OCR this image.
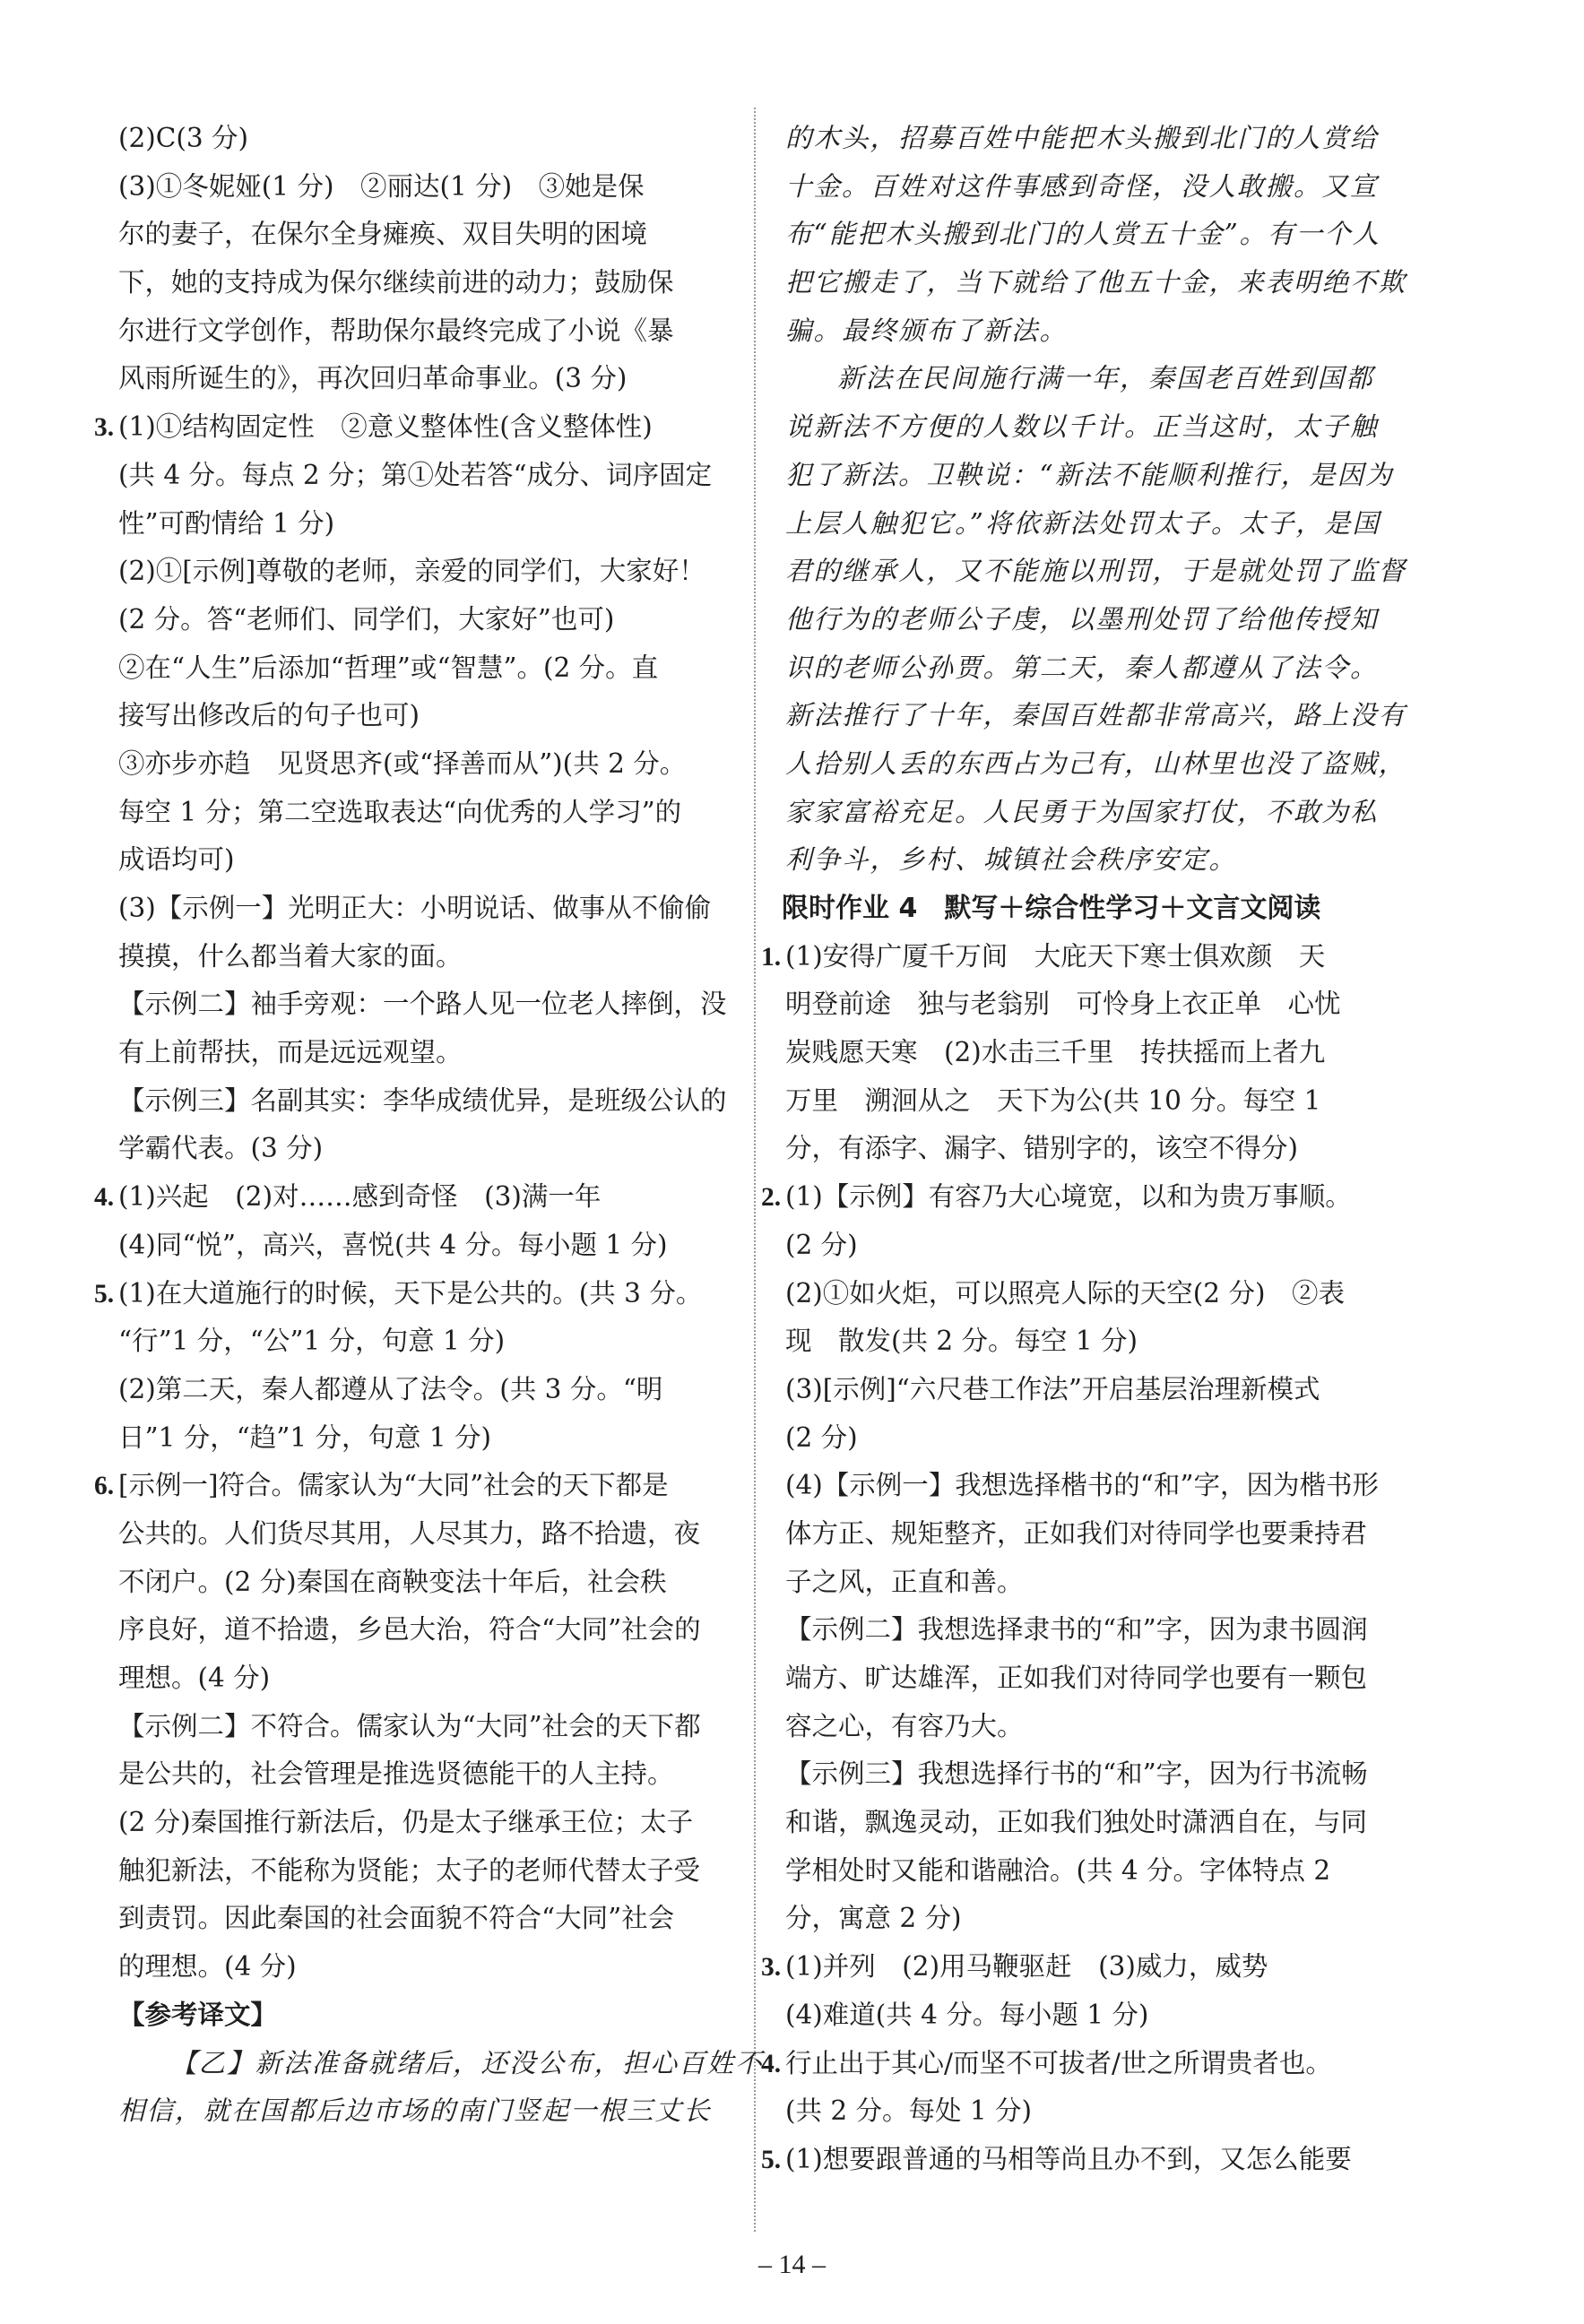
(2)C(3 分)
(3)①冬妮娅(1 分)　②丽达(1 分)　③她是保
尔的妻子，在保尔全身瘫痪、双目失明的困境
下，她的支持成为保尔继续前进的动力；鼓励保
尔进行文学创作，帮助保尔最终完成了小说《暴
风雨所诞生的》，再次回归革命事业。(3 分)
3. (1)①结构固定性　②意义整体性(含义整体性)
(共 4 分。每点 2 分；第①处若答“成分、词序固定
性”可酌情给 1 分)
(2)①[示例]尊敬的老师，亲爱的同学们，大家好！
(2 分。答“老师们、同学们，大家好”也可)
②在“人生”后添加“哲理”或“智慧”。(2 分。直
接写出修改后的句子也可)
③亦步亦趋　见贤思齐(或“择善而从”)(共 2 分。
每空 1 分；第二空选取表达“向优秀的人学习”的
成语均可)
(3)【示例一】光明正大：小明说话、做事从不偷偷
摸摸，什么都当着大家的面。
【示例二】袖手旁观：一个路人见一位老人摔倒，没
有上前帮扶，而是远远观望。
【示例三】名副其实：李华成绩优异，是班级公认的
学霸代表。(3 分)
4. (1)兴起　(2)对……感到奇怪　(3)满一年
(4)同“悦”，高兴，喜悦(共 4 分。每小题 1 分)
5. (1)在大道施行的时候，天下是公共的。(共 3 分。
“行”1 分，“公”1 分，句意 1 分)
(2)第二天，秦人都遵从了法令。(共 3 分。“明
日”1 分，“趋”1 分，句意 1 分)
6. [示例一]符合。儒家认为“大同”社会的天下都是
公共的。人们货尽其用，人尽其力，路不拾遗，夜
不闭户。(2 分)秦国在商鞅变法十年后，社会秩
序良好，道不拾遗，乡邑大治，符合“大同”社会的
理想。(4 分)
【示例二】不符合。儒家认为“大同”社会的天下都
是公共的，社会管理是推选贤德能干的人主持。
(2 分)秦国推行新法后，仍是太子继承王位；太子
触犯新法，不能称为贤能；太子的老师代替太子受
到责罚。因此秦国的社会面貌不符合“大同”社会
的理想。(4 分)
【参考译文】
【乙】新法准备就绪后，还没公布，担心百姓不
相信，就在国都后边市场的南门竖起一根三丈长
的木头，招募百姓中能把木头搬到北门的人赏给
十金。百姓对这件事感到奇怪，没人敢搬。又宣
布“能把木头搬到北门的人赏五十金”。有一个人
把它搬走了，当下就给了他五十金，来表明绝不欺
骗。最终颁布了新法。
新法在民间施行满一年，秦国老百姓到国都
说新法不方便的人数以千计。正当这时，太子触
犯了新法。卫鞅说：“新法不能顺利推行，是因为
上层人触犯它。”将依新法处罚太子。太子，是国
君的继承人，又不能施以刑罚，于是就处罚了监督
他行为的老师公子虔，以墨刑处罚了给他传授知
识的老师公孙贾。第二天，秦人都遵从了法令。
新法推行了十年，秦国百姓都非常高兴，路上没有
人拾别人丢的东西占为己有，山林里也没了盗贼，
家家富裕充足。人民勇于为国家打仗，不敢为私
利争斗，乡村、城镇社会秩序安定。
限时作业 4　默写＋综合性学习＋文言文阅读
1. (1)安得广厦千万间　大庇天下寒士俱欢颜　天
明登前途　独与老翁别　可怜身上衣正单　心忧
炭贱愿天寒　(2)水击三千里　抟扶摇而上者九
万里　溯洄从之　天下为公(共 10 分。每空 1
分，有添字、漏字、错别字的，该空不得分)
2. (1)【示例】有容乃大心境宽，以和为贵万事顺。
(2 分)
(2)①如火炬，可以照亮人际的天空(2 分)　②表
现　散发(共 2 分。每空 1 分)
(3)[示例]“六尺巷工作法”开启基层治理新模式
(2 分)
(4)【示例一】我想选择楷书的“和”字，因为楷书形
体方正、规矩整齐，正如我们对待同学也要秉持君
子之风，正直和善。
【示例二】我想选择隶书的“和”字，因为隶书圆润
端方、旷达雄浑，正如我们对待同学也要有一颗包
容之心，有容乃大。
【示例三】我想选择行书的“和”字，因为行书流畅
和谐，飘逸灵动，正如我们独处时潇洒自在，与同
学相处时又能和谐融洽。(共 4 分。字体特点 2
分，寓意 2 分)
3. (1)并列　(2)用马鞭驱赶　(3)威力，威势
(4)难道(共 4 分。每小题 1 分)
4. 行止出于其心/而坚不可拔者/世之所谓贵者也。
(共 2 分。每处 1 分)
5. (1)想要跟普通的马相等尚且办不到，又怎么能要
– 14 –
